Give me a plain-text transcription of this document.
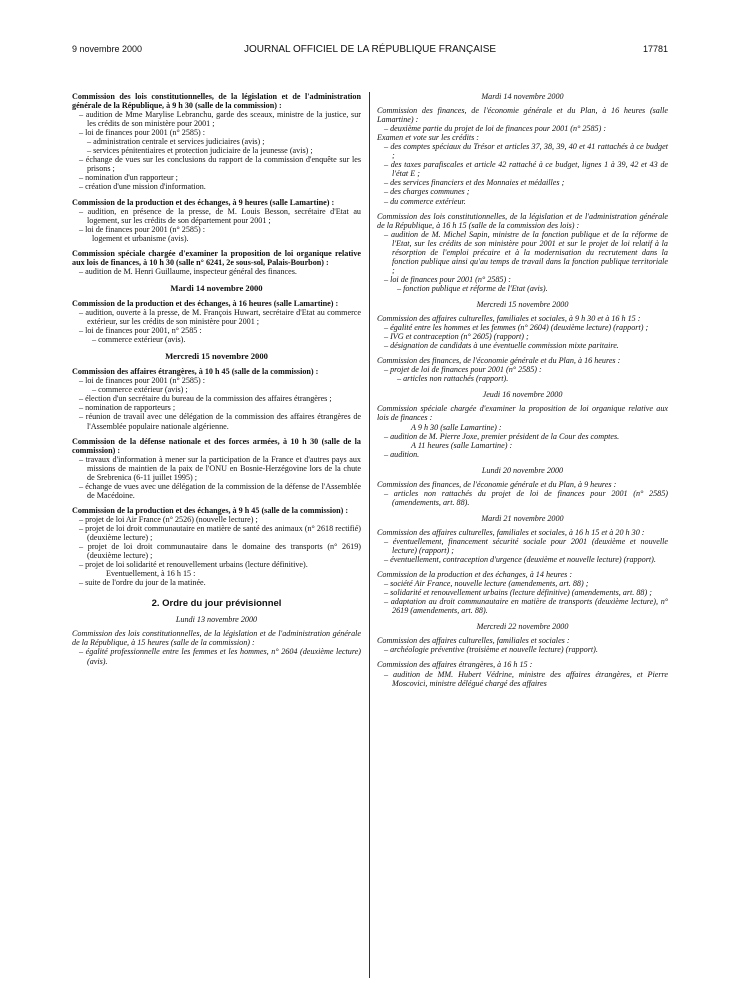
9 novembre 2000	JOURNAL OFFICIEL DE LA RÉPUBLIQUE FRANÇAISE	17781
Commission des lois constitutionnelles, de la législation et de l'administration générale de la République, à 9 h 30 (salle de la commission) :
– audition de Mme Marylise Lebranchu, garde des sceaux, ministre de la justice, sur les crédits de son ministère pour 2001 ;
– loi de finances pour 2001 (n° 2585) :
– administration centrale et services judiciaires (avis) ;
– services pénitentiaires et protection judiciaire de la jeunesse (avis) ;
– échange de vues sur les conclusions du rapport de la commission d'enquête sur les prisons ;
– nomination d'un rapporteur ;
– création d'une mission d'information.
Commission de la production et des échanges, à 9 heures (salle Lamartine) :
– audition, en présence de la presse, de M. Louis Besson, secrétaire d'Etat au logement, sur les crédits de son département pour 2001 ;
– loi de finances pour 2001 (n° 2585) :
logement et urbanisme (avis).
Commission spéciale chargée d'examiner la proposition de loi organique relative aux lois de finances, à 10 h 30 (salle n° 6241, 2e sous-sol, Palais-Bourbon) :
– audition de M. Henri Guillaume, inspecteur général des finances.
Mardi 14 novembre 2000
Commission de la production et des échanges, à 16 heures (salle Lamartine) :
– audition, ouverte à la presse, de M. François Huwart, secrétaire d'Etat au commerce extérieur, sur les crédits de son ministère pour 2001 ;
– loi de finances pour 2001, n° 2585 :
– commerce extérieur (avis).
Mercredi 15 novembre 2000
Commission des affaires étrangères, à 10 h 45 (salle de la commission) :
– loi de finances pour 2001 (n° 2585) :
– commerce extérieur (avis) ;
– élection d'un secrétaire du bureau de la commission des affaires étrangères ;
– nomination de rapporteurs ;
– réunion de travail avec une délégation de la commission des affaires étrangères de l'Assemblée populaire nationale algérienne.
Commission de la défense nationale et des forces armées, à 10 h 30 (salle de la commission) :
– travaux d'information à mener sur la participation de la France et d'autres pays aux missions de maintien de la paix de l'ONU en Bosnie-Herzégovine lors de la chute de Srebrenica (6-11 juillet 1995) ;
– échange de vues avec une délégation de la commission de la défense de l'Assemblée de Macédoine.
Commission de la production et des échanges, à 9 h 45 (salle de la commission) :
– projet de loi Air France (n° 2526) (nouvelle lecture) ;
– projet de loi droit communautaire en matière de santé des animaux (n° 2618 rectifié) (deuxième lecture) ;
– projet de loi droit communautaire dans le domaine des transports (n° 2619) (deuxième lecture) ;
– projet de loi solidarité et renouvellement urbains (lecture définitive).
Eventuellement, à 16 h 15 :
– suite de l'ordre du jour de la matinée.
2. Ordre du jour prévisionnel
Lundi 13 novembre 2000
Commission des lois constitutionnelles, de la législation et de l'administration générale de la République, à 15 heures (salle de la commission) :
– égalité professionnelle entre les femmes et les hommes, n° 2604 (deuxième lecture) (avis).
Mardi 14 novembre 2000
Commission des finances, de l'économie générale et du Plan, à 16 heures (salle Lamartine) :
– deuxième partie du projet de loi de finances pour 2001 (n° 2585) :
Examen et vote sur les crédits :
– des comptes spéciaux du Trésor et articles 37, 38, 39, 40 et 41 rattachés à ce budget ;
– des taxes parafiscales et article 42 rattaché à ce budget, lignes 1 à 39, 42 et 43 de l'état E ;
– des services financiers et des Monnaies et médailles ;
– des charges communes ;
– du commerce extérieur.
Commission des lois constitutionnelles, de la législation et de l'administration générale de la République, à 16 h 15 (salle de la commission des lois) :
– audition de M. Michel Sapin, ministre de la fonction publique et de la réforme de l'Etat, sur les crédits de son ministère pour 2001 et sur le projet de loi relatif à la résorption de l'emploi précaire et à la modernisation du recrutement dans la fonction publique ainsi qu'au temps de travail dans la fonction publique territoriale ;
– loi de finances pour 2001 (n° 2585) :
– fonction publique et réforme de l'Etat (avis).
Mercredi 15 novembre 2000
Commission des affaires culturelles, familiales et sociales, à 9 h 30 et à 16 h 15 :
– égalité entre les hommes et les femmes (n° 2604) (deuxième lecture) (rapport) ;
– IVG et contraception (n° 2605) (rapport) ;
– désignation de candidats à une éventuelle commission mixte paritaire.
Commission des finances, de l'économie générale et du Plan, à 16 heures :
– projet de loi de finances pour 2001 (n° 2585) :
– articles non rattachés (rapport).
Jeudi 16 novembre 2000
Commission spéciale chargée d'examiner la proposition de loi organique relative aux lois de finances :
A 9 h 30 (salle Lamartine) :
– audition de M. Pierre Joxe, premier président de la Cour des comptes.
A 11 heures (salle Lamartine) :
– audition.
Lundi 20 novembre 2000
Commission des finances, de l'économie générale et du Plan, à 9 heures :
– articles non rattachés du projet de loi de finances pour 2001 (n° 2585) (amendements, art. 88).
Mardi 21 novembre 2000
Commission des affaires culturelles, familiales et sociales, à 16 h 15 et à 20 h 30 :
– éventuellement, financement sécurité sociale pour 2001 (deuxième et nouvelle lecture) (rapport) ;
– éventuellement, contraception d'urgence (deuxième et nouvelle lecture) (rapport).
Commission de la production et des échanges, à 14 heures :
– société Air France, nouvelle lecture (amendements, art. 88) ;
– solidarité et renouvellement urbains (lecture définitive) (amendements, art. 88) ;
– adaptation au droit communautaire en matière de transports (deuxième lecture), n° 2619 (amendements, art. 88).
Mercredi 22 novembre 2000
Commission des affaires culturelles, familiales et sociales :
– archéologie préventive (troisième et nouvelle lecture) (rapport).
Commission des affaires étrangères, à 16 h 15 :
– audition de MM. Hubert Védrine, ministre des affaires étrangères, et Pierre Moscovici, ministre délégué chargé des affaires
